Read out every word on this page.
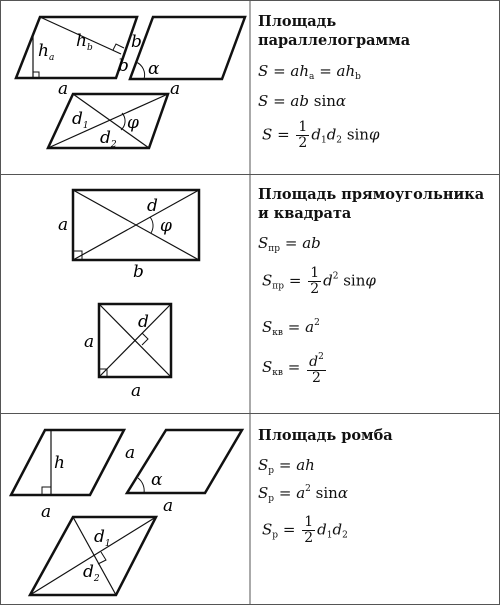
$h_a$
$h_b$
b
a
b
α
a
$d_1$
$d_2$
φ
Площадь параллелограмма
$S = ah_a = ah_b$
S = ab sinα
$S = \frac{1}{2} d_1d_2$ sinφ
a
b
d
φ
a
a
d
Площадь прямоугольника и квадрата
$S_{пр}$ = ab
$S_{пр} = \frac{1}{2} d^2$ sinφ
$S_{кв} = a^2$
$S_{кв} = \frac{d^2}{2}$
h
a
a
α
a
$d_1$
$d_2$
Площадь ромба
$S_р$ = ah
$S_р = a^2$ sinα
$S_р = \frac{1}{2} d_1d_2$
